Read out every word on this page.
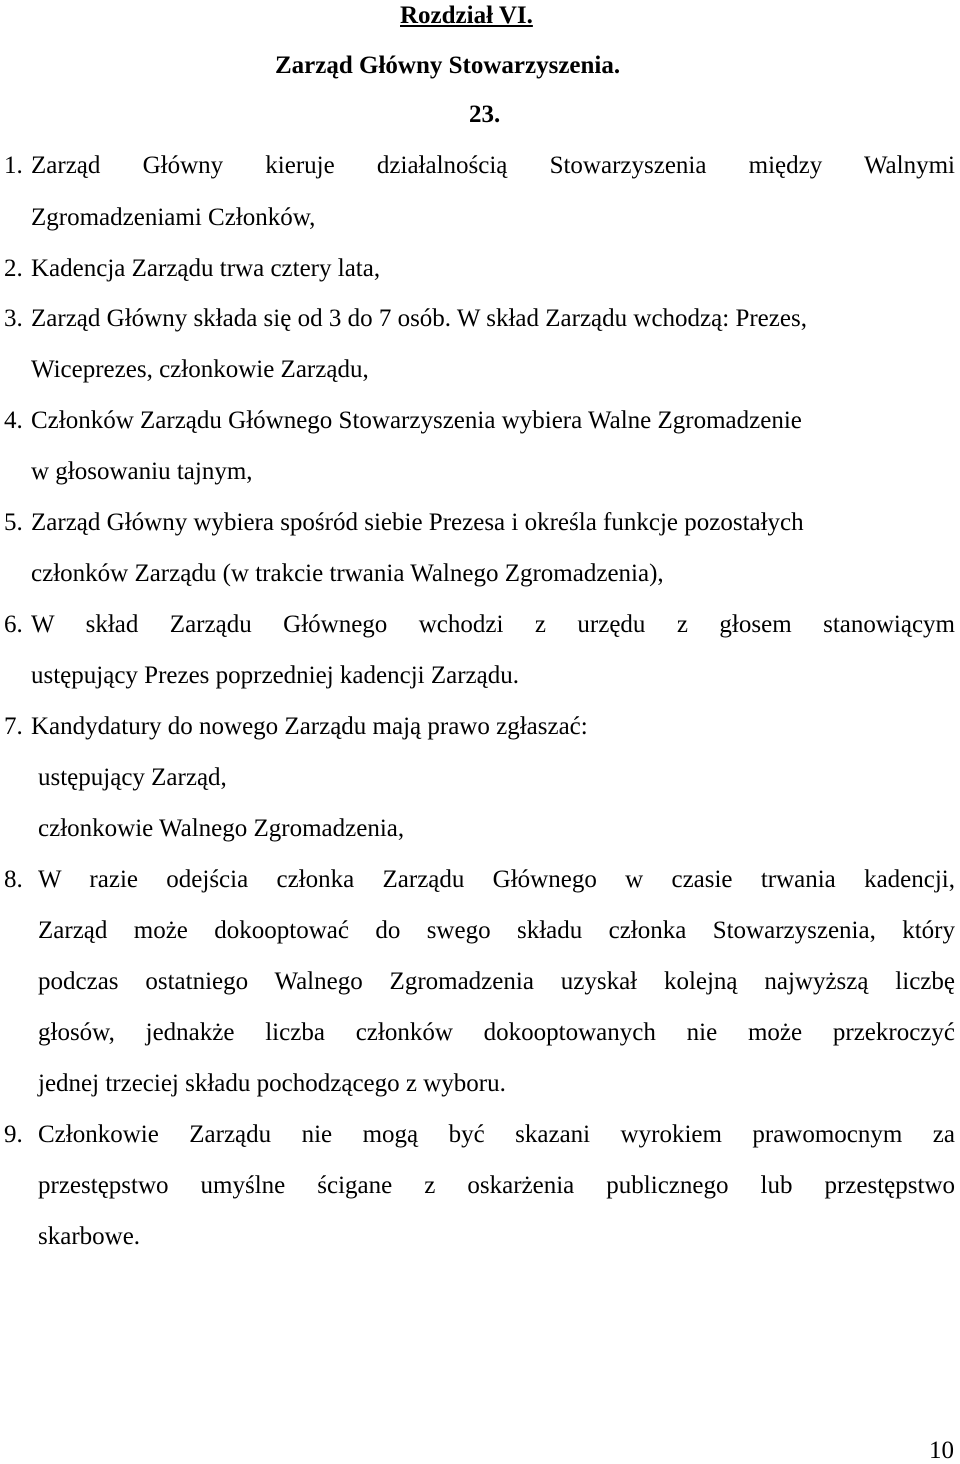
Rozdział VI.
Zarząd Główny Stowarzyszenia.
23.
1. Zarząd Główny kieruje działalnością Stowarzyszenia między Walnymi
Zgromadzeniami Członków,
2. Kadencja Zarządu trwa cztery lata,
3. Zarząd Główny składa się od 3 do 7 osób. W skład Zarządu wchodzą: Prezes,
Wiceprezes, członkowie Zarządu,
4. Członków Zarządu Głównego Stowarzyszenia wybiera Walne Zgromadzenie
w głosowaniu tajnym,
5. Zarząd Główny wybiera spośród siebie Prezesa i określa funkcje pozostałych
członków Zarządu (w trakcie trwania Walnego Zgromadzenia),
6. W skład Zarządu Głównego wchodzi z urzędu z głosem stanowiącym
ustępujący Prezes poprzedniej kadencji Zarządu.
7. Kandydatury do nowego Zarządu mają prawo zgłaszać:
ustępujący Zarząd,
członkowie Walnego Zgromadzenia,
8. W razie odejścia członka Zarządu Głównego w czasie trwania kadencji,
Zarząd może dokooptować do swego składu członka Stowarzyszenia, który
podczas ostatniego Walnego Zgromadzenia uzyskał kolejną najwyższą liczbę
głosów, jednakże liczba członków dokooptowanych nie może przekroczyć
jednej trzeciej składu pochodzącego z wyboru.
9. Członkowie Zarządu nie mogą być skazani wyrokiem prawomocnym za
przestępstwo umyślne ścigane z oskarżenia publicznego lub przestępstwo
skarbowe.
10
